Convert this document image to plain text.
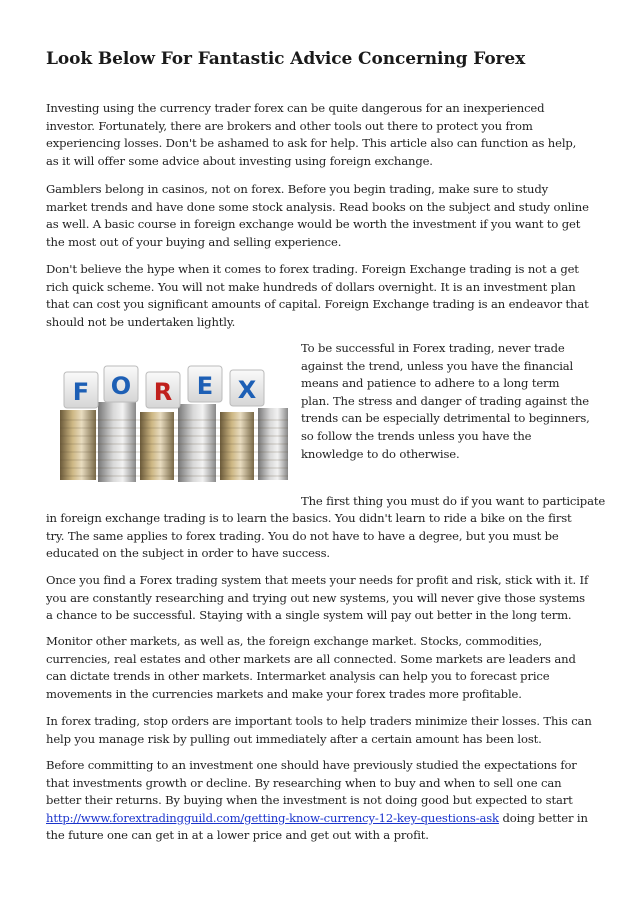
Look Below For Fantastic Advice Concerning Forex

Investing using the currency trader forex can be quite dangerous for an inexperienced investor. Fortunately, there are brokers and other tools out there to protect you from experiencing losses. Don't be ashamed to ask for help. This article also can function as help, as it will offer some advice about investing using foreign exchange.

Gamblers belong in casinos, not on forex. Before you begin trading, make sure to study market trends and have done some stock analysis. Read books on the subject and study online as well. A basic course in foreign exchange would be worth the investment if you want to get the most out of your buying and selling experience.

Don't believe the hype when it comes to forex trading. Foreign Exchange trading is not a get rich quick scheme. You will not make hundreds of dollars overnight. It is an investment plan that can cost you significant amounts of capital. Foreign Exchange trading is an endeavor that should not be undertaken lightly.

F O R E X

To be successful in Forex trading, never trade against the trend, unless you have the financial means and patience to adhere to a long term plan. The stress and danger of trading against the trends can be especially detrimental to beginners, so follow the trends unless you have the knowledge to do otherwise.

The first thing you must do if you want to participate

in foreign exchange trading is to learn the basics. You didn't learn to ride a bike on the first try. The same applies to forex trading. You do not have to have a degree, but you must be educated on the subject in order to have success.

Once you find a Forex trading system that meets your needs for profit and risk, stick with it. If you are constantly researching and trying out new systems, you will never give those systems a chance to be successful. Staying with a single system will pay out better in the long term.

Monitor other markets, as well as, the foreign exchange market. Stocks, commodities, currencies, real estates and other markets are all connected. Some markets are leaders and can dictate trends in other markets. Intermarket analysis can help you to forecast price movements in the currencies markets and make your forex trades more profitable.

In forex trading, stop orders are important tools to help traders minimize their losses. This can help you manage risk by pulling out immediately after a certain amount has been lost.

Before committing to an investment one should have previously studied the expectations for that investments growth or decline. By researching when to buy and when to sell one can better their returns. By buying when the investment is not doing good but expected to start http://www.forextradingguild.com/getting-know-currency-12-key-questions-ask doing better in the future one can get in at a lower price and get out with a profit.
